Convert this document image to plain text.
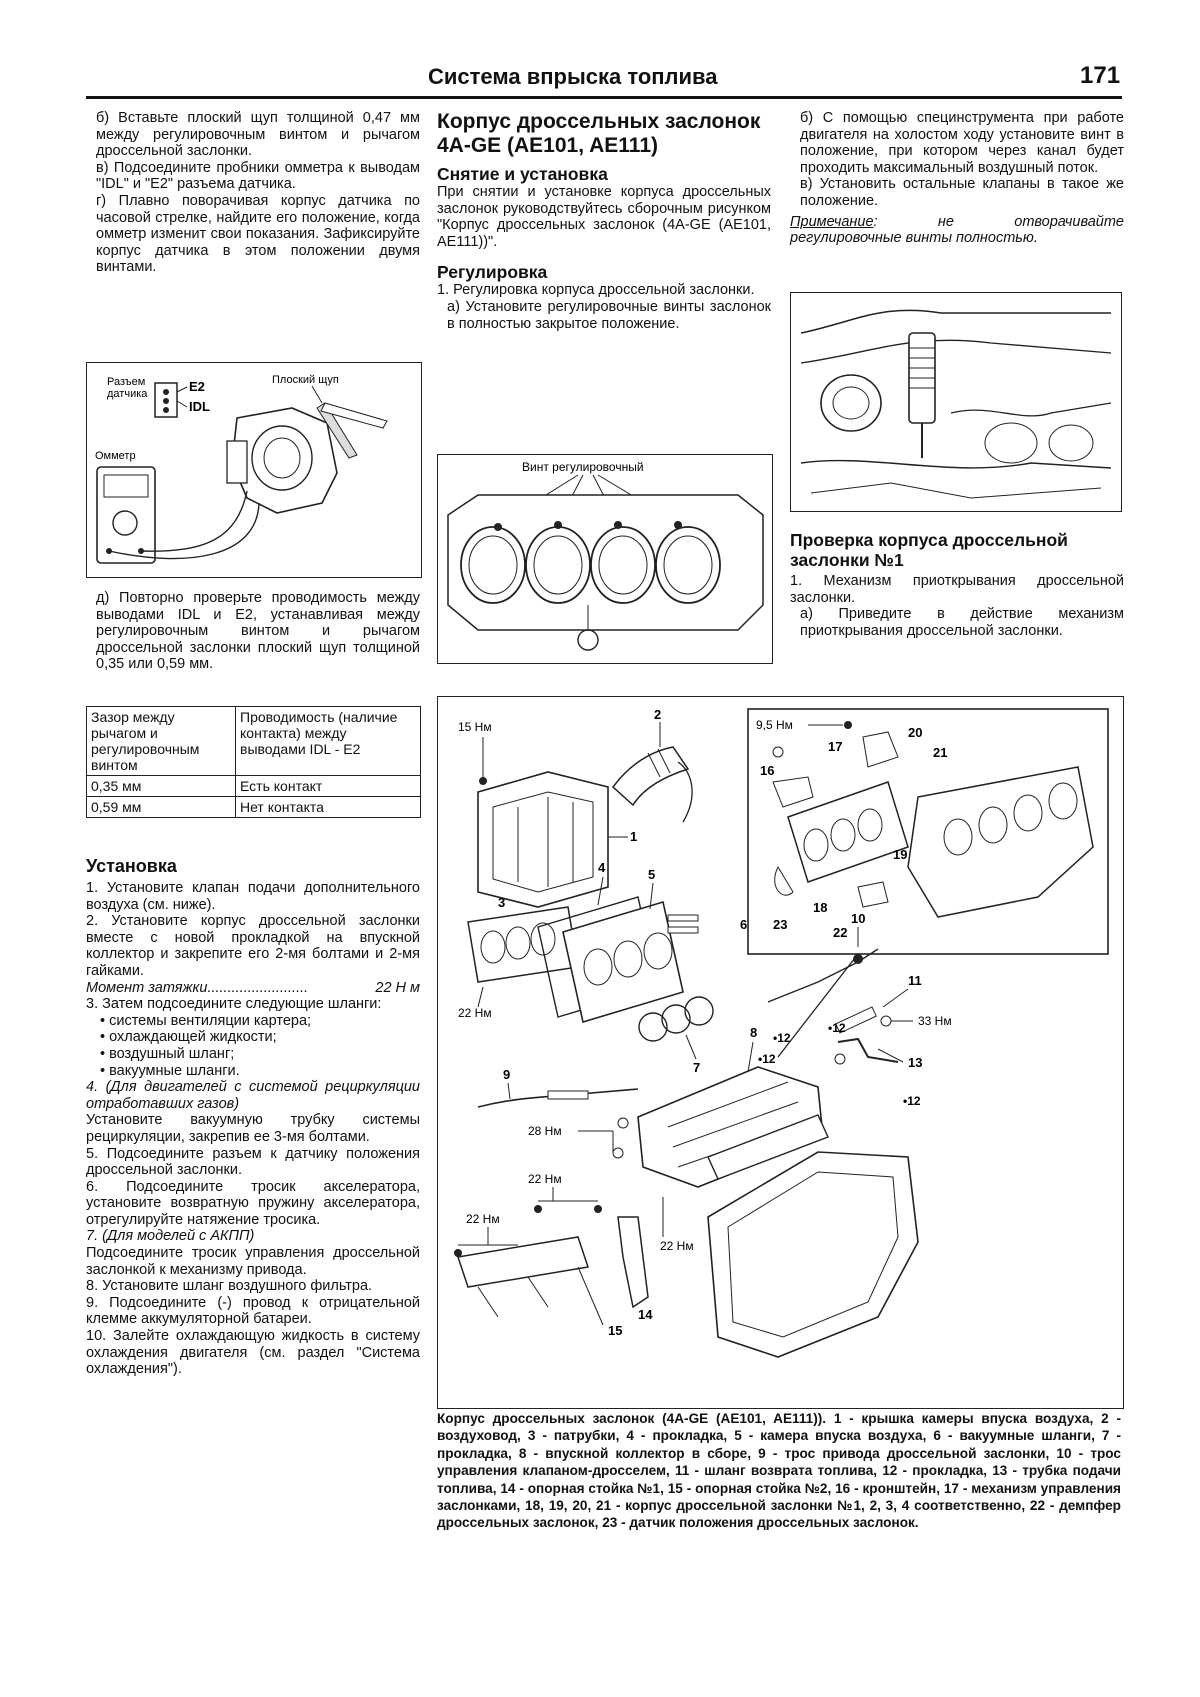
Система впрыска топлива	171

б) Вставьте плоский щуп толщиной 0,47 мм между регулировочным винтом и рычагом дроссельной заслонки.

в) Подсоедините пробники омметра к выводам "IDL" и "E2" разъема датчика.

г) Плавно поворачивая корпус датчика по часовой стрелке, найдите его положение, когда омметр изменит свои показания. Зафиксируйте корпус датчика в этом положении двумя винтами.

Разъем
датчика	E2
IDL
Плоский щуп
Омметр

д) Повторно проверьте проводимость между выводами IDL и E2, устанавливая между регулировочным винтом и рычагом дроссельной заслонки плоский щуп толщиной 0,35 или 0,59 мм.

Зазор между рычагом и регулировочным винтом	Проводимость (наличие контакта) между выводами IDL - E2
0,35 мм	Есть контакт
0,59 мм	Нет контакта

Установка

1. Установите клапан подачи дополнительного воздуха (см. ниже).

2. Установите корпус дроссельной заслонки вместе с новой прокладкой на впускной коллектор и закрепите его 2-мя болтами и 2-мя гайками.

Момент затяжки .........................	22 Н м

3. Затем подсоедините следующие шланги:

• системы вентиляции картера;

• охлаждающей жидкости;

• воздушный шланг;

• вакуумные шланги.

4. (Для двигателей с системой рециркуляции отработавших газов)

Установите вакуумную трубку системы рециркуляции, закрепив ее 3-мя болтами.

5. Подсоедините разъем к датчику положения дроссельной заслонки.

6. Подсоедините тросик акселератора, установите возвратную пружину акселератора, отрегулируйте натяжение тросика.

7. (Для моделей с АКПП)

Подсоедините тросик управления дроссельной заслонкой к механизму привода.

8. Установите шланг воздушного фильтра.

9. Подсоедините (-) провод к отрицательной клемме аккумуляторной батареи.

10. Залейте охлаждающую жидкость в систему охлаждения двигателя (см. раздел "Система охлаждения").

Корпус дроссельных заслонок 4A-GE (AE101, AE111)

Снятие и установка

При снятии и установке корпуса дроссельных заслонок руководствуйтесь сборочным рисунком "Корпус дроссельных заслонок (4A-GE (AE101, AE111))".

Регулировка

1. Регулировка корпуса дроссельной заслонки.

а) Установите регулировочные винты заслонок в полностью закрытое положение.

Винт регулировочный

б) С помощью специнструмента при работе двигателя на холостом ходу установите винт в положение, при котором через канал будет проходить максимальный воздушный поток.

в) Установить остальные клапаны в такое же положение.

Примечание: не отворачивайте регулировочные винты полностью.

Проверка корпуса дроссельной заслонки №1

1. Механизм приоткрывания дроссельной заслонки.

а) Приведите в действие механизм приоткрывания дроссельной заслонки.

1
2
15 Нм
3
4	5
22 Нм
6
7
8
9
28 Нм
10
11
33 Нм
•12
•12
•12
•12
13
22 Нм
22 Нм
22 Нм
14
15
9,5 Нм
16
17
20
21
19
18
22
23
Корпус дроссельных заслонок (4A-GE (AE101, AE111)). 1 - крышка камеры впуска воздуха, 2 - воздуховод, 3 - патрубки, 4 - прокладка, 5 - камера впуска воздуха, 6 - вакуумные шланги, 7 - прокладка, 8 - впускной коллектор в сборе, 9 - трос привода дроссельной заслонки, 10 - трос управления клапаном-дросселем, 11 - шланг возврата топлива, 12 - прокладка, 13 - трубка подачи топлива, 14 - опорная стойка №1, 15 - опорная стойка №2, 16 - кронштейн, 17 - механизм управления заслонками, 18, 19, 20, 21 - корпус дроссельной заслонки №1, 2, 3, 4 соответственно, 22 - демпфер дроссельных заслонок, 23 - датчик положения дроссельных заслонок.
